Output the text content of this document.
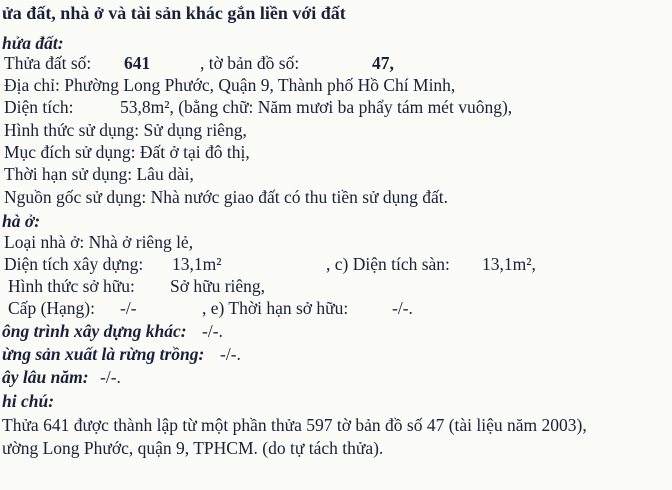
ửa đất, nhà ở và tài sản khác gắn liền với đất
hửa đất:
Thửa đất số: 641	, tờ bản đồ số:	47,
Địa chỉ: Phường Long Phước, Quận 9, Thành phố Hồ Chí Minh,
Diện tích:	53,8m², (bằng chữ: Năm mươi ba phẩy tám mét vuông),
Hình thức sử dụng: Sử dụng riêng,
Mục đích sử dụng: Đất ở tại đô thị,
Thời hạn sử dụng: Lâu dài,
Nguồn gốc sử dụng: Nhà nước giao đất có thu tiền sử dụng đất.
hà ở:
Loại nhà ở: Nhà ở riêng lẻ,
Diện tích xây dựng: 13,1m²	, c) Diện tích sàn: 13,1m²,
Hình thức sở hữu: Sở hữu riêng,
Cấp (Hạng): -/-	, e) Thời hạn sở hữu: -/-.
ông trình xây dựng khác: -/-.
ừng sản xuất là rừng trồng: -/-.
ây lâu năm: -/-.
hi chú:
Thửa 641 được thành lập từ một phần thửa 597 tờ bản đồ số 47 (tài liệu năm 2003),
ường Long Phước, quận 9, TPHCM. (do tự tách thửa).
